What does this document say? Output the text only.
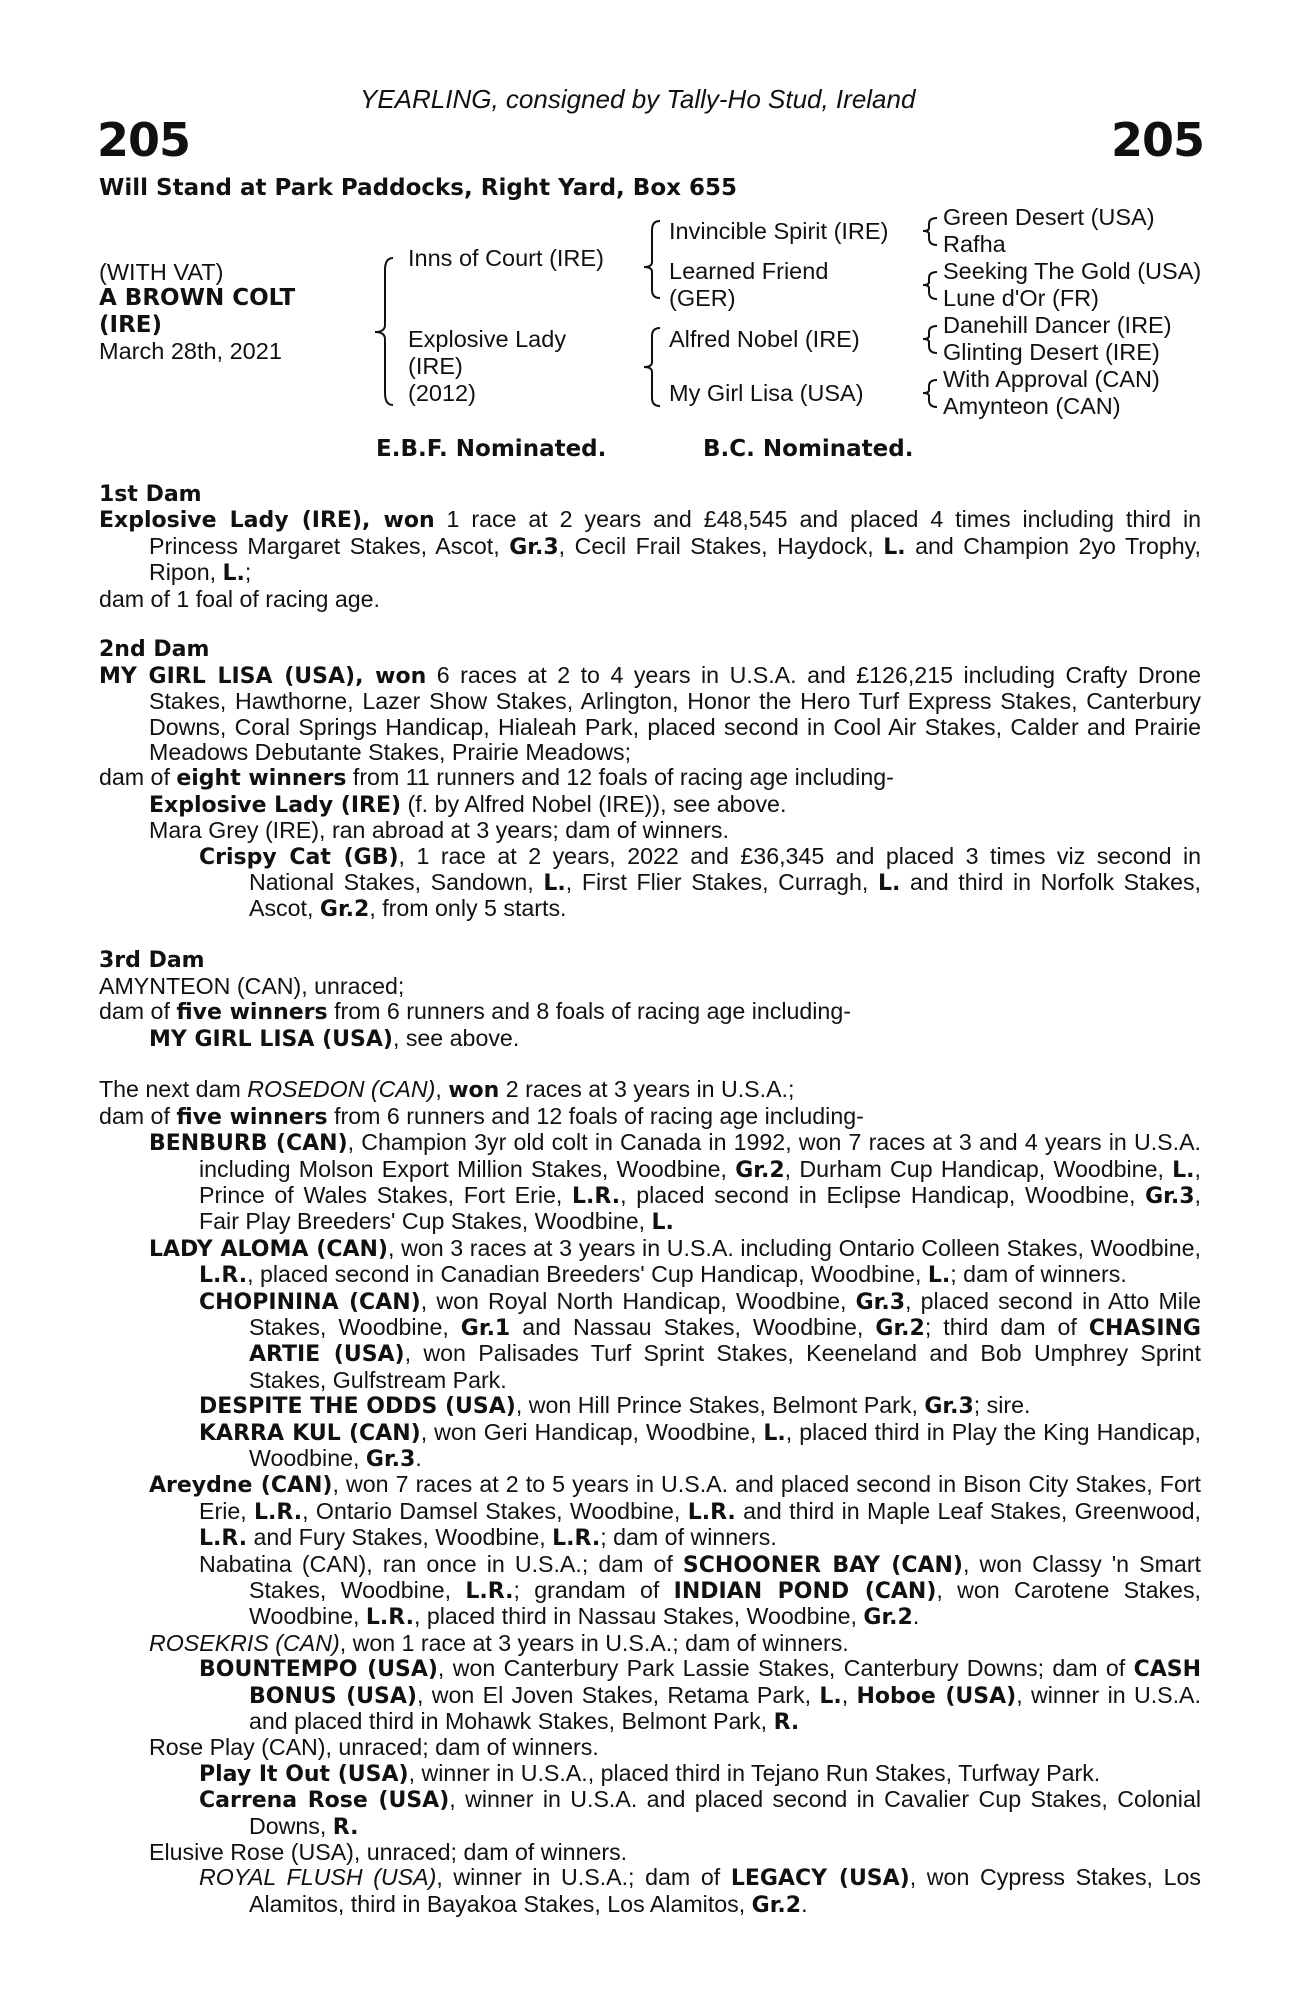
YEARLING, consigned by Tally-Ho Stud, Ireland
205	205
Will Stand at Park Paddocks, Right Yard, Box 655
(WITH VAT)
A BROWN COLT
(IRE)
March 28th, 2021
Inns of Court (IRE)
Explosive Lady
(IRE)
(2012)
Invincible Spirit (IRE)
Learned Friend
(GER)
Alfred Nobel (IRE)
My Girl Lisa (USA)
Green Desert (USA)
Rafha
Seeking The Gold (USA)
Lune d'Or (FR)
Danehill Dancer (IRE)
Glinting Desert (IRE)
With Approval (CAN)
Amynteon (CAN)
E.B.F. Nominated.	B.C. Nominated.
1st Dam
Explosive Lady (IRE), won 1 race at 2 years and £48,545 and placed 4 times including third in Princess Margaret Stakes, Ascot, Gr.3, Cecil Frail Stakes, Haydock, L. and Champion 2yo Trophy, Ripon, L.;
dam of 1 foal of racing age.
2nd Dam
MY GIRL LISA (USA), won 6 races at 2 to 4 years in U.S.A. and £126,215 including Crafty Drone Stakes, Hawthorne, Lazer Show Stakes, Arlington, Honor the Hero Turf Express Stakes, Canterbury Downs, Coral Springs Handicap, Hialeah Park, placed second in Cool Air Stakes, Calder and Prairie Meadows Debutante Stakes, Prairie Meadows;
dam of eight winners from 11 runners and 12 foals of racing age including-
Explosive Lady (IRE) (f. by Alfred Nobel (IRE)), see above.
Mara Grey (IRE), ran abroad at 3 years; dam of winners.
Crispy Cat (GB), 1 race at 2 years, 2022 and £36,345 and placed 3 times viz second in National Stakes, Sandown, L., First Flier Stakes, Curragh, L. and third in Norfolk Stakes, Ascot, Gr.2, from only 5 starts.
3rd Dam
AMYNTEON (CAN), unraced;
dam of five winners from 6 runners and 8 foals of racing age including-
MY GIRL LISA (USA), see above.
The next dam ROSEDON (CAN), won 2 races at 3 years in U.S.A.;
dam of five winners from 6 runners and 12 foals of racing age including-
BENBURB (CAN), Champion 3yr old colt in Canada in 1992, won 7 races at 3 and 4 years in U.S.A. including Molson Export Million Stakes, Woodbine, Gr.2, Durham Cup Handicap, Woodbine, L., Prince of Wales Stakes, Fort Erie, L.R., placed second in Eclipse Handicap, Woodbine, Gr.3, Fair Play Breeders' Cup Stakes, Woodbine, L.
LADY ALOMA (CAN), won 3 races at 3 years in U.S.A. including Ontario Colleen Stakes, Woodbine, L.R., placed second in Canadian Breeders' Cup Handicap, Woodbine, L.; dam of winners.
CHOPININA (CAN), won Royal North Handicap, Woodbine, Gr.3, placed second in Atto Mile Stakes, Woodbine, Gr.1 and Nassau Stakes, Woodbine, Gr.2; third dam of CHASING ARTIE (USA), won Palisades Turf Sprint Stakes, Keeneland and Bob Umphrey Sprint Stakes, Gulfstream Park.
DESPITE THE ODDS (USA), won Hill Prince Stakes, Belmont Park, Gr.3; sire.
KARRA KUL (CAN), won Geri Handicap, Woodbine, L., placed third in Play the King Handicap, Woodbine, Gr.3.
Areydne (CAN), won 7 races at 2 to 5 years in U.S.A. and placed second in Bison City Stakes, Fort Erie, L.R., Ontario Damsel Stakes, Woodbine, L.R. and third in Maple Leaf Stakes, Greenwood, L.R. and Fury Stakes, Woodbine, L.R.; dam of winners.
Nabatina (CAN), ran once in U.S.A.; dam of SCHOONER BAY (CAN), won Classy 'n Smart Stakes, Woodbine, L.R.; grandam of INDIAN POND (CAN), won Carotene Stakes, Woodbine, L.R., placed third in Nassau Stakes, Woodbine, Gr.2.
ROSEKRIS (CAN), won 1 race at 3 years in U.S.A.; dam of winners.
BOUNTEMPO (USA), won Canterbury Park Lassie Stakes, Canterbury Downs; dam of CASH BONUS (USA), won El Joven Stakes, Retama Park, L., Hoboe (USA), winner in U.S.A. and placed third in Mohawk Stakes, Belmont Park, R.
Rose Play (CAN), unraced; dam of winners.
Play It Out (USA), winner in U.S.A., placed third in Tejano Run Stakes, Turfway Park.
Carrena Rose (USA), winner in U.S.A. and placed second in Cavalier Cup Stakes, Colonial Downs, R.
Elusive Rose (USA), unraced; dam of winners.
ROYAL FLUSH (USA), winner in U.S.A.; dam of LEGACY (USA), won Cypress Stakes, Los Alamitos, third in Bayakoa Stakes, Los Alamitos, Gr.2.
